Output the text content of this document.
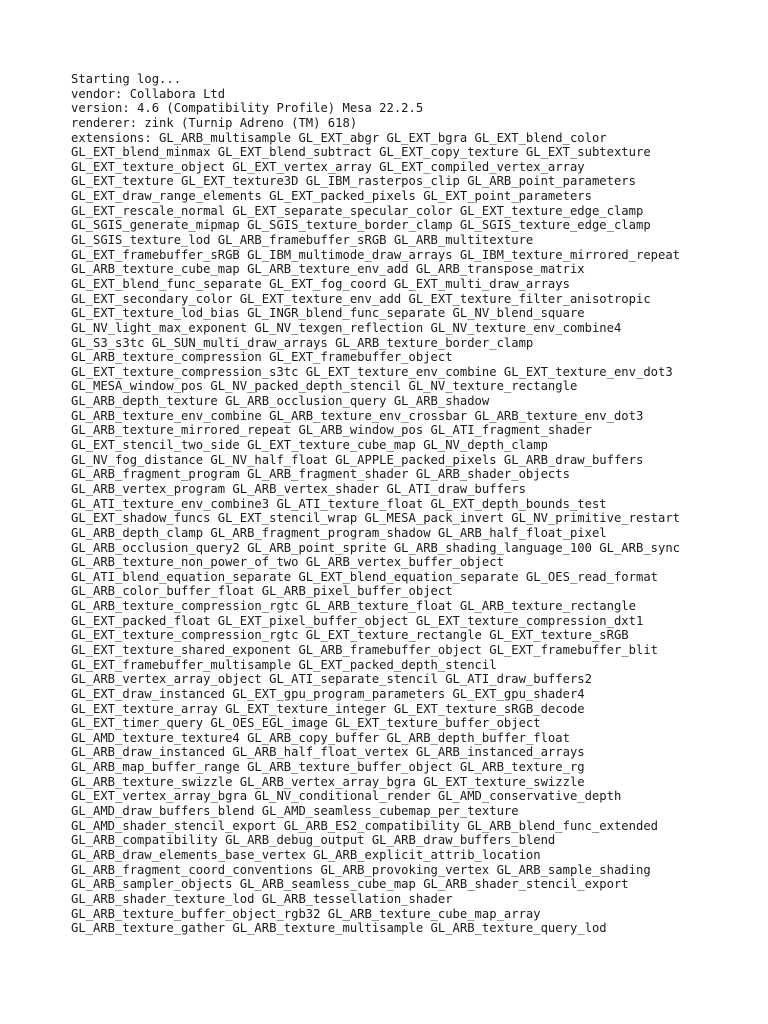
Starting log...
vendor: Collabora Ltd
version: 4.6 (Compatibility Profile) Mesa 22.2.5
renderer: zink (Turnip Adreno (TM) 618)
extensions: GL_ARB_multisample GL_EXT_abgr GL_EXT_bgra GL_EXT_blend_color
GL_EXT_blend_minmax GL_EXT_blend_subtract GL_EXT_copy_texture GL_EXT_subtexture
GL_EXT_texture_object GL_EXT_vertex_array GL_EXT_compiled_vertex_array
GL_EXT_texture GL_EXT_texture3D GL_IBM_rasterpos_clip GL_ARB_point_parameters
GL_EXT_draw_range_elements GL_EXT_packed_pixels GL_EXT_point_parameters
GL_EXT_rescale_normal GL_EXT_separate_specular_color GL_EXT_texture_edge_clamp
GL_SGIS_generate_mipmap GL_SGIS_texture_border_clamp GL_SGIS_texture_edge_clamp
GL_SGIS_texture_lod GL_ARB_framebuffer_sRGB GL_ARB_multitexture
GL_EXT_framebuffer_sRGB GL_IBM_multimode_draw_arrays GL_IBM_texture_mirrored_repeat
GL_ARB_texture_cube_map GL_ARB_texture_env_add GL_ARB_transpose_matrix
GL_EXT_blend_func_separate GL_EXT_fog_coord GL_EXT_multi_draw_arrays
GL_EXT_secondary_color GL_EXT_texture_env_add GL_EXT_texture_filter_anisotropic
GL_EXT_texture_lod_bias GL_INGR_blend_func_separate GL_NV_blend_square
GL_NV_light_max_exponent GL_NV_texgen_reflection GL_NV_texture_env_combine4
GL_S3_s3tc GL_SUN_multi_draw_arrays GL_ARB_texture_border_clamp
GL_ARB_texture_compression GL_EXT_framebuffer_object
GL_EXT_texture_compression_s3tc GL_EXT_texture_env_combine GL_EXT_texture_env_dot3
GL_MESA_window_pos GL_NV_packed_depth_stencil GL_NV_texture_rectangle
GL_ARB_depth_texture GL_ARB_occlusion_query GL_ARB_shadow
GL_ARB_texture_env_combine GL_ARB_texture_env_crossbar GL_ARB_texture_env_dot3
GL_ARB_texture_mirrored_repeat GL_ARB_window_pos GL_ATI_fragment_shader
GL_EXT_stencil_two_side GL_EXT_texture_cube_map GL_NV_depth_clamp
GL_NV_fog_distance GL_NV_half_float GL_APPLE_packed_pixels GL_ARB_draw_buffers
GL_ARB_fragment_program GL_ARB_fragment_shader GL_ARB_shader_objects
GL_ARB_vertex_program GL_ARB_vertex_shader GL_ATI_draw_buffers
GL_ATI_texture_env_combine3 GL_ATI_texture_float GL_EXT_depth_bounds_test
GL_EXT_shadow_funcs GL_EXT_stencil_wrap GL_MESA_pack_invert GL_NV_primitive_restart
GL_ARB_depth_clamp GL_ARB_fragment_program_shadow GL_ARB_half_float_pixel
GL_ARB_occlusion_query2 GL_ARB_point_sprite GL_ARB_shading_language_100 GL_ARB_sync
GL_ARB_texture_non_power_of_two GL_ARB_vertex_buffer_object
GL_ATI_blend_equation_separate GL_EXT_blend_equation_separate GL_OES_read_format
GL_ARB_color_buffer_float GL_ARB_pixel_buffer_object
GL_ARB_texture_compression_rgtc GL_ARB_texture_float GL_ARB_texture_rectangle
GL_EXT_packed_float GL_EXT_pixel_buffer_object GL_EXT_texture_compression_dxt1
GL_EXT_texture_compression_rgtc GL_EXT_texture_rectangle GL_EXT_texture_sRGB
GL_EXT_texture_shared_exponent GL_ARB_framebuffer_object GL_EXT_framebuffer_blit
GL_EXT_framebuffer_multisample GL_EXT_packed_depth_stencil
GL_ARB_vertex_array_object GL_ATI_separate_stencil GL_ATI_draw_buffers2
GL_EXT_draw_instanced GL_EXT_gpu_program_parameters GL_EXT_gpu_shader4
GL_EXT_texture_array GL_EXT_texture_integer GL_EXT_texture_sRGB_decode
GL_EXT_timer_query GL_OES_EGL_image GL_EXT_texture_buffer_object
GL_AMD_texture_texture4 GL_ARB_copy_buffer GL_ARB_depth_buffer_float
GL_ARB_draw_instanced GL_ARB_half_float_vertex GL_ARB_instanced_arrays
GL_ARB_map_buffer_range GL_ARB_texture_buffer_object GL_ARB_texture_rg
GL_ARB_texture_swizzle GL_ARB_vertex_array_bgra GL_EXT_texture_swizzle
GL_EXT_vertex_array_bgra GL_NV_conditional_render GL_AMD_conservative_depth
GL_AMD_draw_buffers_blend GL_AMD_seamless_cubemap_per_texture
GL_AMD_shader_stencil_export GL_ARB_ES2_compatibility GL_ARB_blend_func_extended
GL_ARB_compatibility GL_ARB_debug_output GL_ARB_draw_buffers_blend
GL_ARB_draw_elements_base_vertex GL_ARB_explicit_attrib_location
GL_ARB_fragment_coord_conventions GL_ARB_provoking_vertex GL_ARB_sample_shading
GL_ARB_sampler_objects GL_ARB_seamless_cube_map GL_ARB_shader_stencil_export
GL_ARB_shader_texture_lod GL_ARB_tessellation_shader
GL_ARB_texture_buffer_object_rgb32 GL_ARB_texture_cube_map_array
GL_ARB_texture_gather GL_ARB_texture_multisample GL_ARB_texture_query_lod
